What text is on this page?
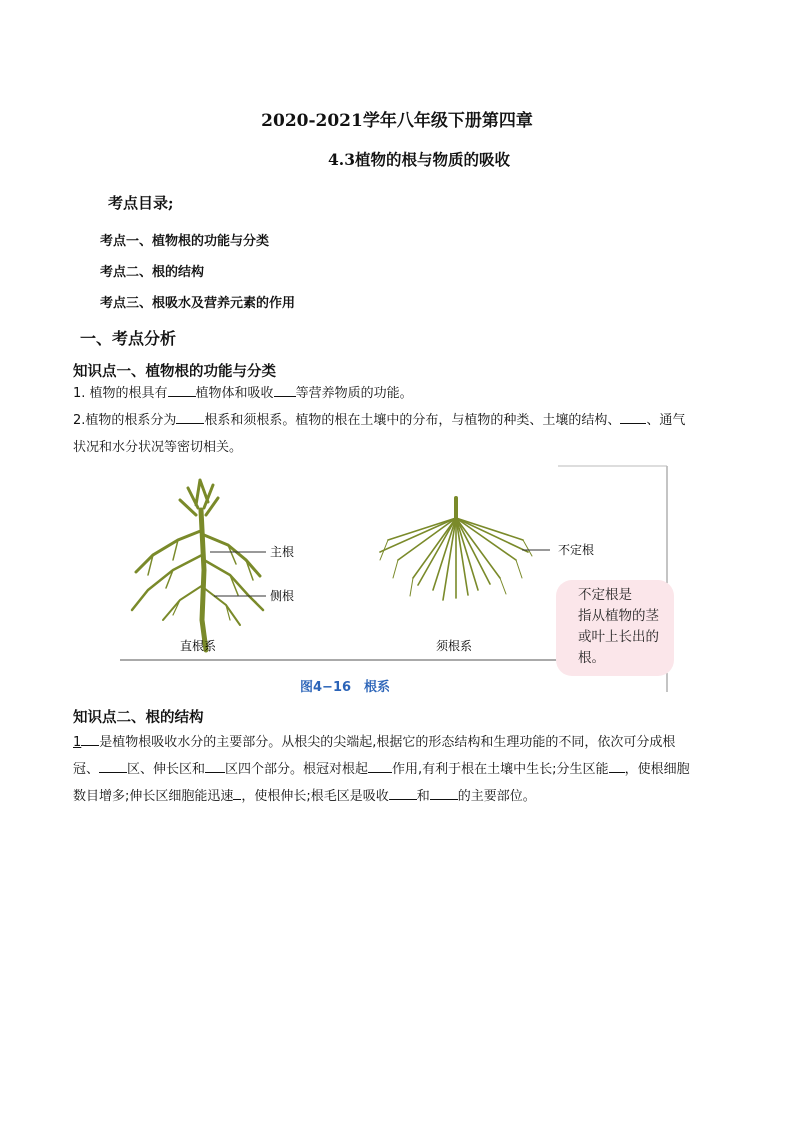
2020-2021学年八年级下册第四章
4.3植物的根与物质的吸收
考点目录;
考点一、植物根的功能与分类
考点二、根的结构
考点三、根吸水及营养元素的作用
一、考点分析
知识点一、植物根的功能与分类
1. 植物的根具有 植物体和吸收 等营养物质的功能。
2.植物的根系分为 根系和须根系。植物的根在土壤中的分布，与植物的种类、土壤的结构、 、通气
状况和水分状况等密切相关。
主根
侧根
直根系	须根系
不定根
不定根是
指从植物的茎
或叶上长出的
根。
图4−16　根系
知识点二、根的结构
1 是植物根吸收水分的主要部分。从根尖的尖端起,根据它的形态结构和生理功能的不同，依次可分成根
冠、 区、伸长区和 区四个部分。根冠对根起 作用,有利于根在土壤中生长;分生区能 ，使根细胞
数目增多;伸长区细胞能迅速 ，使根伸长;根毛区是吸收 和 的主要部位。
